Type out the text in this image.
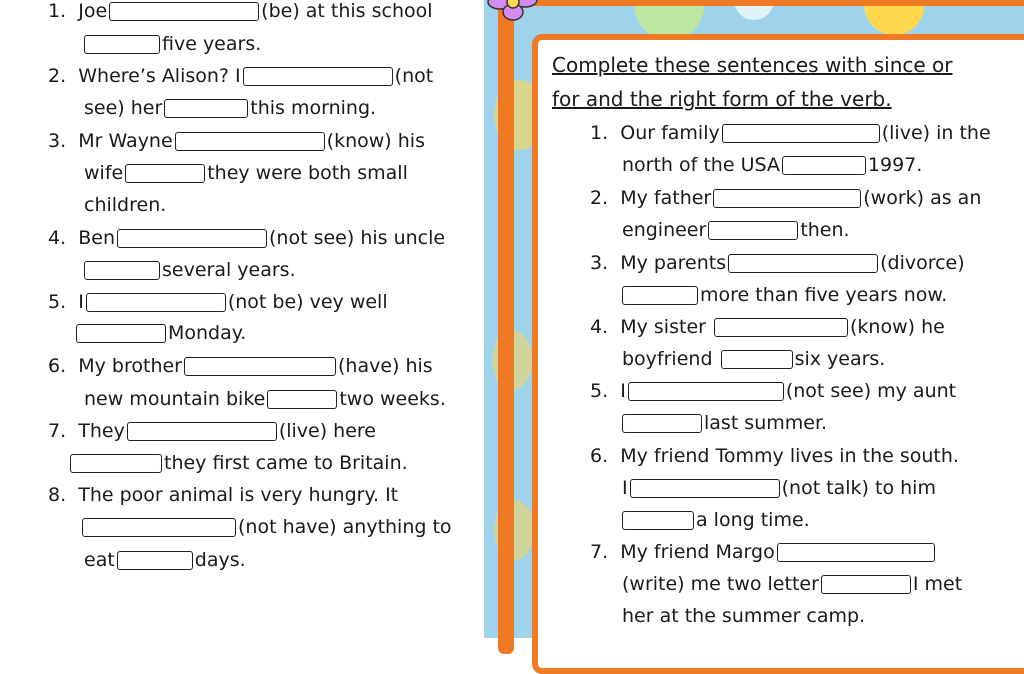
1. Joe	(be) at this school
five years.
2. Where’s Alison? I	(not
see) her	this morning.
3. Mr Wayne	(know) his
wife	they were both small
children.
4. Ben	(not see) his uncle
several years.
5. I	(not be) vey well
Monday.
6. My brother	(have) his
new mountain bike	two weeks.
7. They	(live) here
they first came to Britain.
8. The poor animal is very hungry. It
(not have) anything to
eat	days.
Complete these sentences with since or
for and the right form of the verb.
1. Our family	(live) in the
north of the USA	1997.
2. My father	(work) as an
engineer	then.
3. My parents	(divorce)
more than five years now.
4. My sister	(know) he
boyfriend	six years.
5. I	(not see) my aunt
last summer.
6. My friend Tommy lives in the south.
I	(not talk) to him
a long time.
7. My friend Margo
(write) me two letter	I met
her at the summer camp.
